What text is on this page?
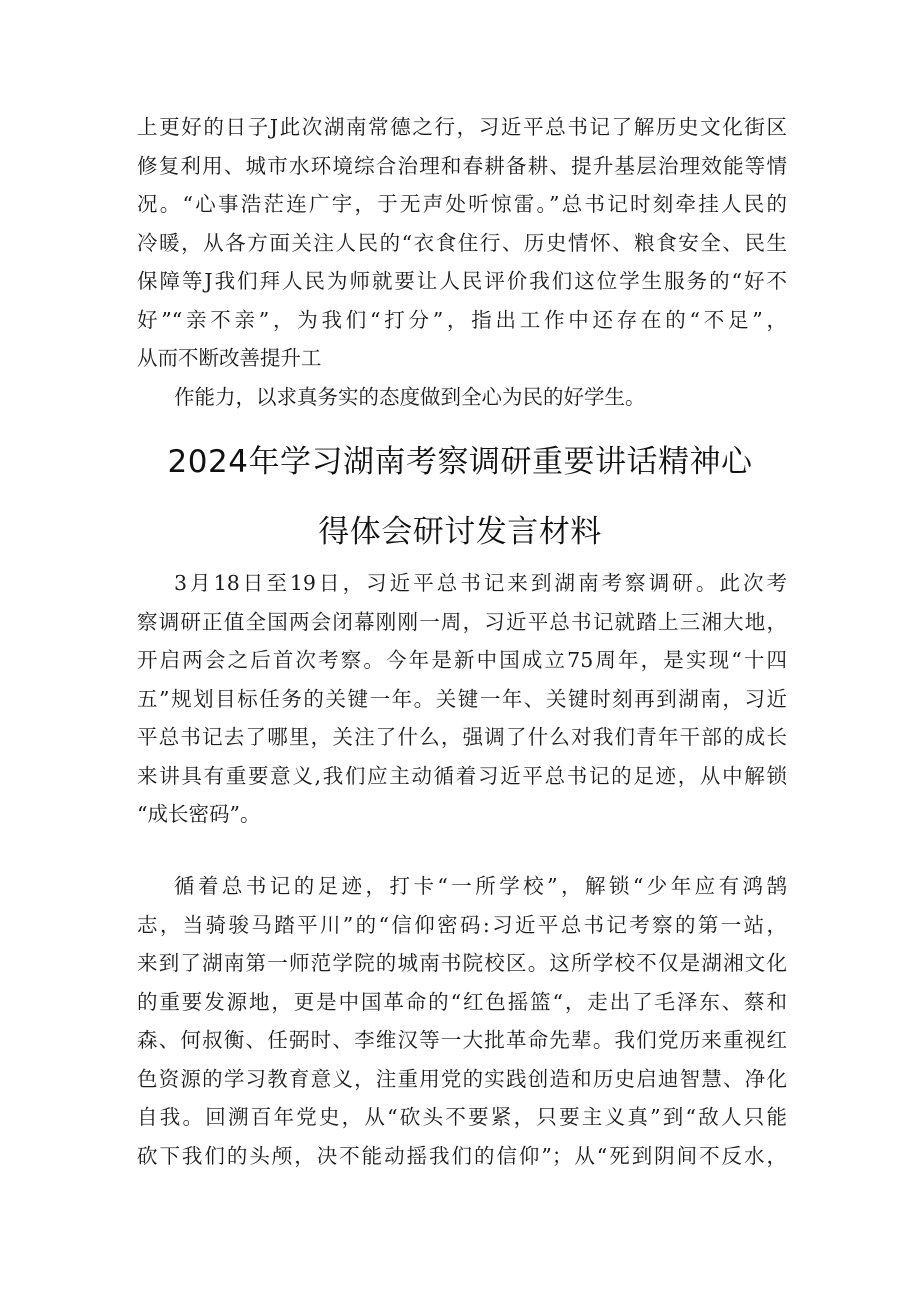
上更好的日子J此次湖南常德之行，习近平总书记了解历史文化街区
修复利用、城市水环境综合治理和春耕备耕、提升基层治理效能等情
况。“心事浩茫连广宇，于无声处听惊雷。”总书记时刻牵挂人民的
冷暖，从各方面关注人民的“衣食住行、历史情怀、粮食安全、民生
保障等J我们拜人民为师就要让人民评价我们这位学生服务的“好不
好”“亲不亲”，为我们“打分”，指出工作中还存在的“不足”，
从而不断改善提升工
作能力，以求真务实的态度做到全心为民的好学生。
2024年学习湖南考察调研重要讲话精神心
得体会研讨发言材料
3月18日至19日，习近平总书记来到湖南考察调研。此次考
察调研正值全国两会闭幕刚刚一周，习近平总书记就踏上三湘大地，
开启两会之后首次考察。今年是新中国成立75周年，是实现“十四
五”规划目标任务的关键一年。关键一年、关键时刻再到湖南，习近
平总书记去了哪里，关注了什么，强调了什么对我们青年干部的成长
来讲具有重要意义,我们应主动循着习近平总书记的足迹，从中解锁
“成长密码”。
循着总书记的足迹，打卡“一所学校”，解锁“少年应有鸿鹄
志，当骑骏马踏平川”的“信仰密码:习近平总书记考察的第一站，
来到了湖南第一师范学院的城南书院校区。这所学校不仅是湖湘文化
的重要发源地，更是中国革命的“红色摇篮“，走出了毛泽东、蔡和
森、何叔衡、任弼时、李维汉等一大批革命先辈。我们党历来重视红
色资源的学习教育意义，注重用党的实践创造和历史启迪智慧、净化
自我。回溯百年党史，从“砍头不要紧，只要主义真”到“敌人只能
砍下我们的头颅，决不能动摇我们的信仰”；从“死到阴间不反水，
